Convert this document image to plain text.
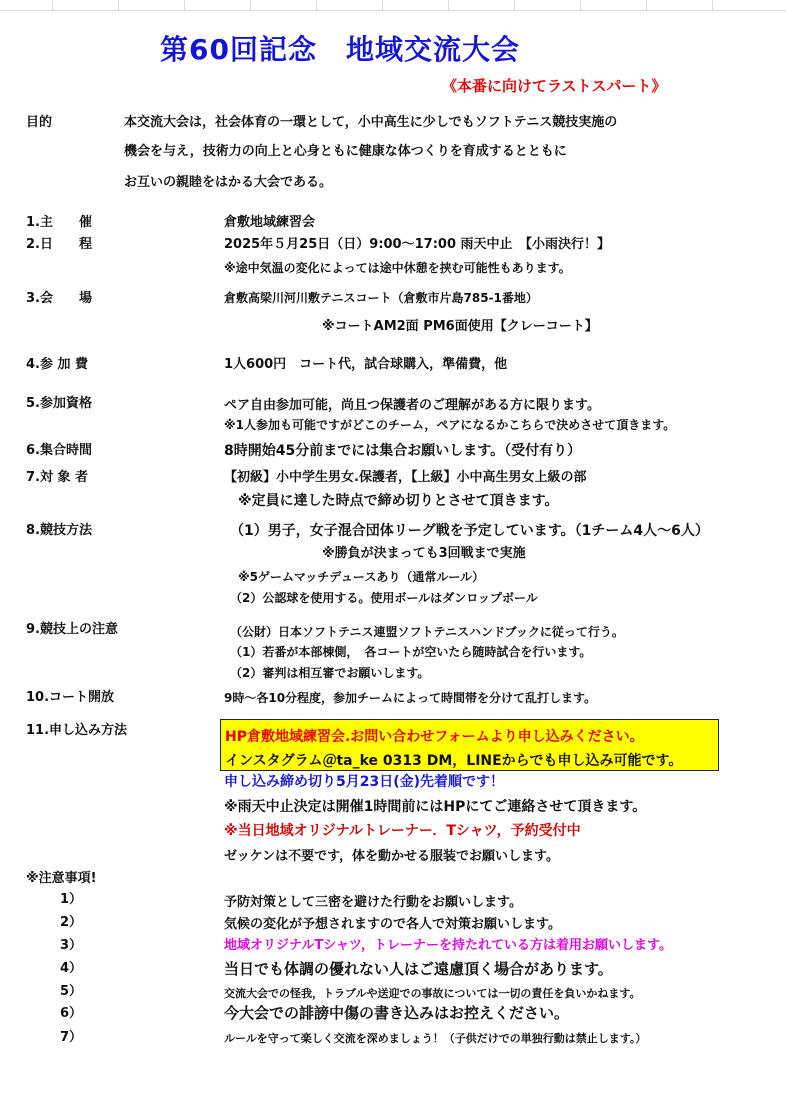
第60回記念　地域交流大会
《本番に向けてラストスパート》
目的	本交流大会は，社会体育の一環として，小中高生に少しでもソフトテニス競技実施の
機会を与え，技術力の向上と心身ともに健康な体つくりを育成するとともに
お互いの親睦をはかる大会である。
1.主　　催	倉敷地域練習会
2.日　　程	2025年５月25日（日）9:00〜17:00 雨天中止　【小雨決行！】
※途中気温の変化によっては途中休憩を挟む可能性もあります。
3.会　　場	倉敷高梁川河川敷テニスコート（倉敷市片島785-1番地）
※コートAM2面 PM6面使用【クレーコート】
4.参 加 費	1人600円　コート代，試合球購入，準備費，他
5.参加資格	ペア自由参加可能，尚且つ保護者のご理解がある方に限ります。
※1人参加も可能ですがどこのチーム，ペアになるかこちらで決めさせて頂きます。
6.集合時間	8時開始45分前までには集合お願いします。（受付有り）
7.対 象 者	【初級】小中学生男女.保護者，【上級】小中高生男女上級の部
※定員に達した時点で締め切りとさせて頂きます。
8.競技方法	（1）男子，女子混合団体リーグ戦を予定しています。（1チーム4人〜6人）
※勝負が決まっても3回戦まで実施
※5ゲームマッチデュースあり（通常ルール）
（2）公認球を使用する。使用ボールはダンロップボール
9.競技上の注意	（公財）日本ソフトテニス連盟ソフトテニスハンドブックに従って行う。
（1）若番が本部棟側，　各コートが空いたら随時試合を行います。
（2）審判は相互審でお願いします。
10.コート開放	9時〜各10分程度，参加チームによって時間帯を分けて乱打します。
11.申し込み方法	HP倉敷地域練習会.お問い合わせフォームより申し込みください。
インスタグラム＠ta_ke 0313 DM，LINEからでも申し込み可能です。
申し込み締め切り5月23日(金)先着順です！
※雨天中止決定は開催1時間前にはHPにてご連絡させて頂きます。
※当日地域オリジナルトレーナー．Tシャツ，予約受付中
ゼッケンは不要です，体を動かせる服装でお願いします。
※注意事項!
1）	予防対策として三密を避けた行動をお願いします。
2）	気候の変化が予想されますので各人で対策お願いします。
3）	地域オリジナルTシャツ，トレーナーを持たれている方は着用お願いします。
4）	当日でも体調の優れない人はご遠慮頂く場合があります。
5）	交流大会での怪我，トラブルや送迎での事故については一切の責任を負いかねます。
6）	今大会での誹謗中傷の書き込みはお控えください。
7）	ルールを守って楽しく交流を深めましょう！（子供だけでの単独行動は禁止します。）
